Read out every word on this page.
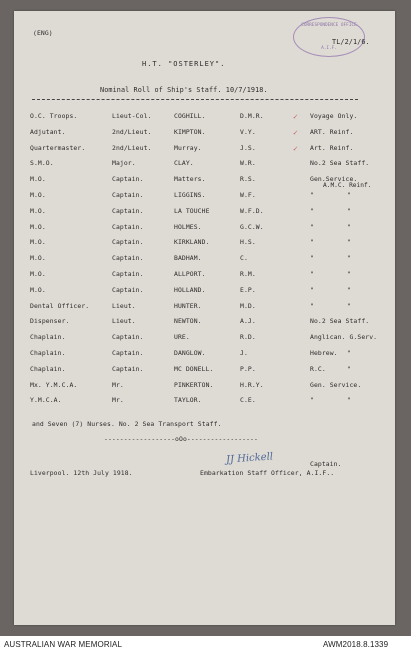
(ENG)
CORRESPONDENCE OFFICE
A.I.F.
TL/2/1/6.
H.T. "OSTERLEY".
Nominal Roll of Ship's Staff. 10/7/1918.
O.C. Troops.	Lieut-Col.	COGHILL.	D.M.R.	Voyage Only.
✓
Adjutant.	2nd/Lieut.	KIMPTON.	V.Y.	ART. Reinf.
✓
Quartermaster.	2nd/Lieut.	Murray.	J.S.	Art. Reinf.
✓
S.M.O.	Major.	CLAY.	W.R.	No.2 Sea Staff.
M.O.	Captain.	Matters.	R.S.	Gen.Service.
A.M.C. Reinf.
M.O.	Captain.	LIGGINS.	W.F.	"	"
M.O.	Captain.	LA TOUCHE	W.F.D.	"	"
M.O.	Captain.	HOLMES.	G.C.W.	"	"
M.O.	Captain.	KIRKLAND.	H.S.	"	"
M.O.	Captain.	BADHAM.	C.	"	"
M.O.	Captain.	ALLPORT.	R.M.	"	"
M.O.	Captain.	HOLLAND.	E.P.	"	"
Dental Officer.	Lieut.	HUNTER.	M.D.	"	"
Dispenser.	Lieut.	NEWTON.	A.J.	No.2 Sea Staff.
Chaplain.	Captain.	URE.	R.D.	Anglican. G.Serv.
Chaplain.	Captain.	DANGLOW.	J.	Hebrew. "
Chaplain.	Captain.	MC DONELL.	P.P.	R.C.	"
Mx. Y.M.C.A.	Mr.	PINKERTON.	H.R.Y.	Gen. Service.
Y.M.C.A.	Mr.	TAYLOR.	C.E.	"	"
and Seven (7) Nurses. No. 2 Sea Transport Staff.
------------------oOo------------------
JJ Hickell	Captain.
Liverpool. 12th July 1918.	Embarkation Staff Officer, A.I.F..
AUSTRALIAN WAR MEMORIAL	AWM2018.8.1339
